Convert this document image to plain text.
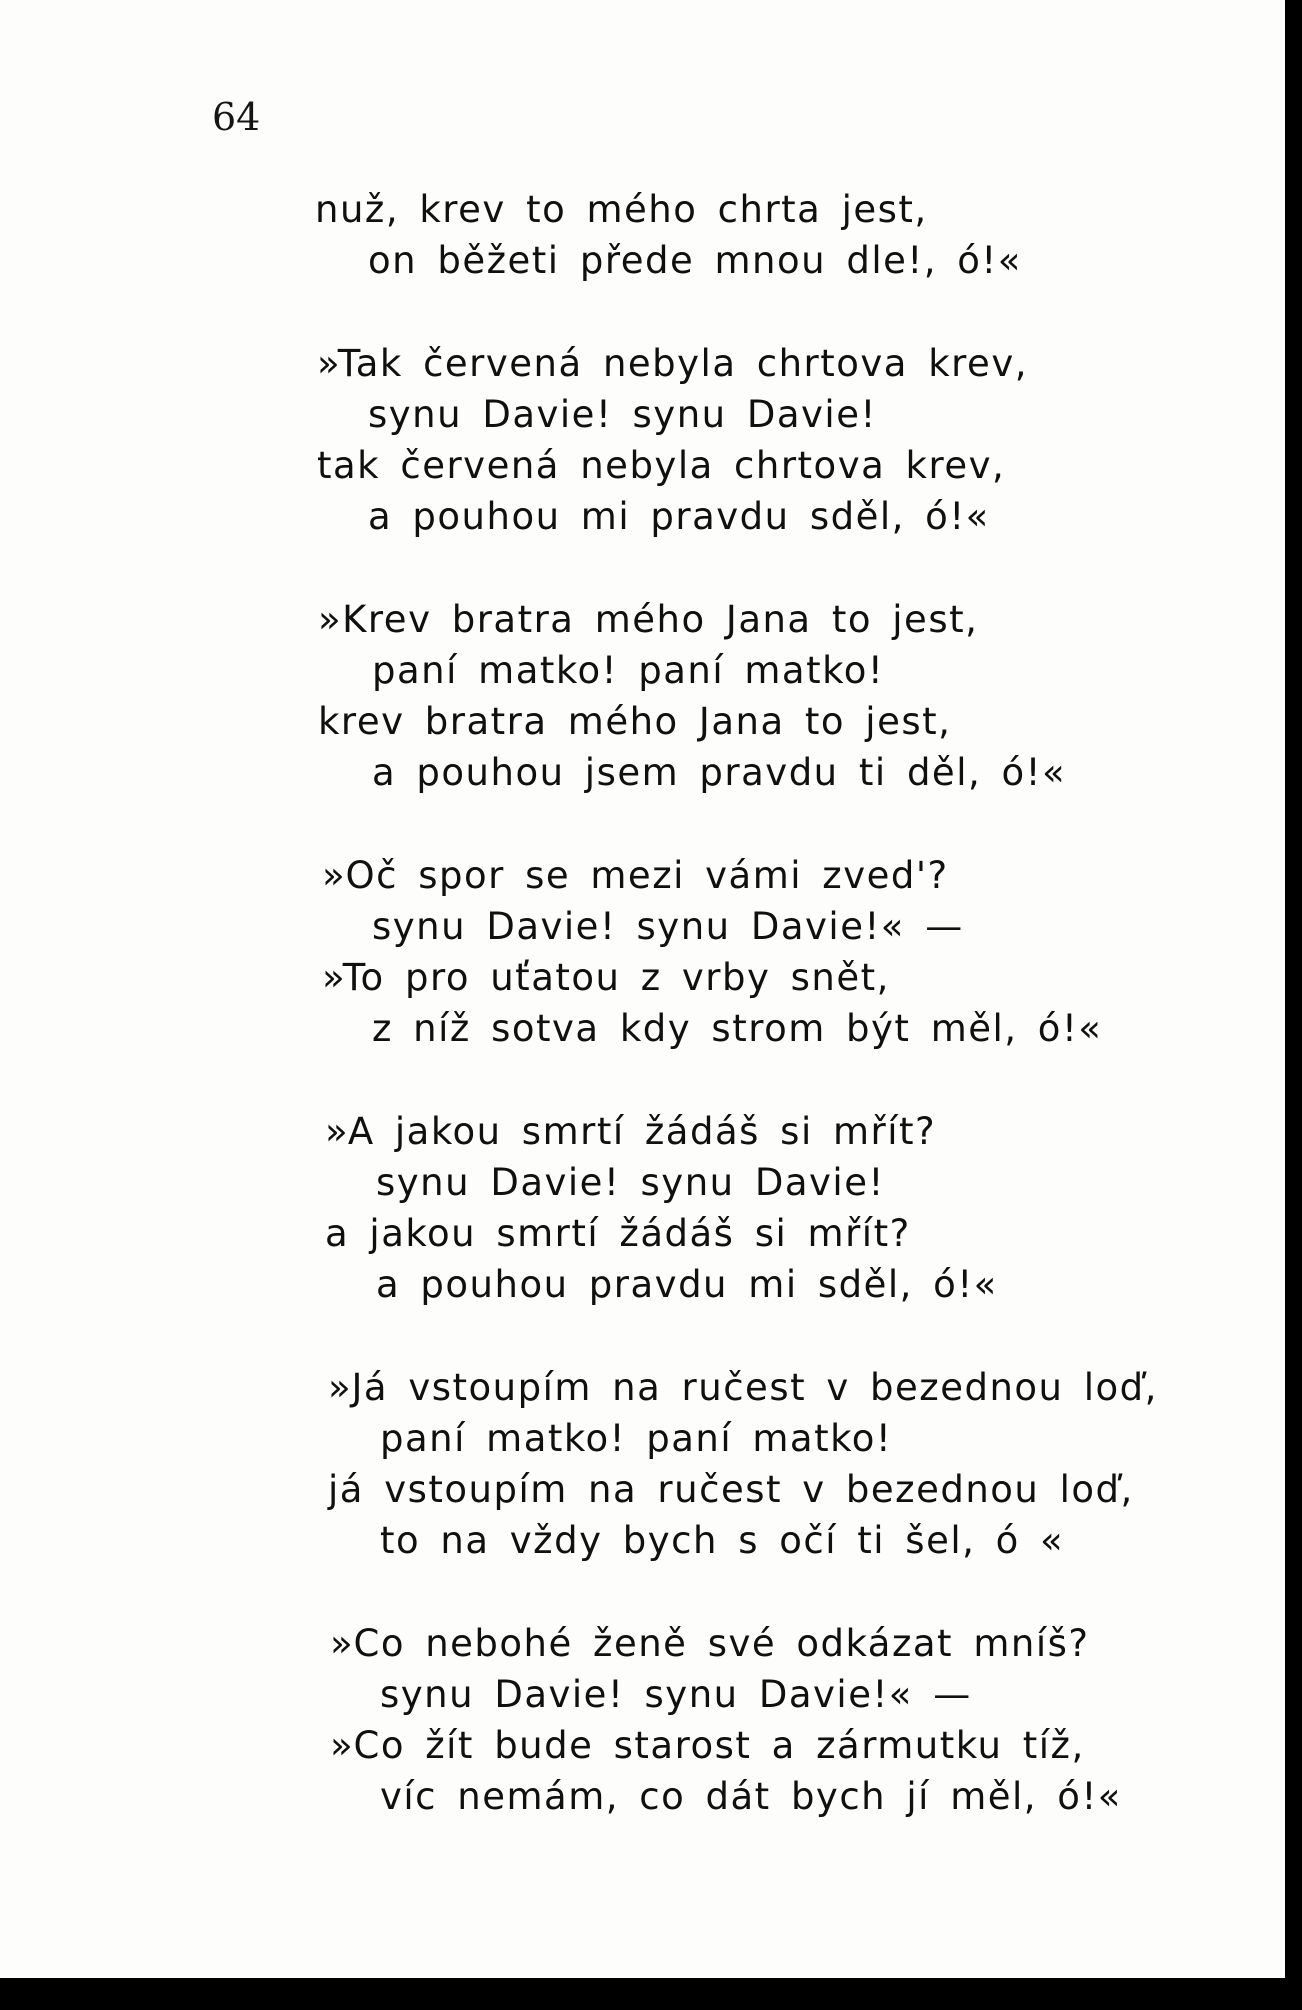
64
nuž, krev to mého chrta jest,
on běžeti přede mnou dle!, ó!«
»Tak červená nebyla chrtova krev,
synu Davie! synu Davie!
tak červená nebyla chrtova krev,
a pouhou mi pravdu sděl, ó!«
»Krev bratra mého Jana to jest,
paní matko! paní matko!
krev bratra mého Jana to jest,
a pouhou jsem pravdu ti děl, ó!«
»Oč spor se mezi vámi zved'?
synu Davie! synu Davie!« —
»To pro uťatou z vrby snět,
z níž sotva kdy strom být měl, ó!«
»A jakou smrtí žádáš si mřít?
synu Davie! synu Davie!
a jakou smrtí žádáš si mřít?
a pouhou pravdu mi sděl, ó!«
»Já vstoupím na ručest v bezednou loď,
paní matko! paní matko!
já vstoupím na ručest v bezednou loď,
to na vždy bych s očí ti šel, ó «
»Co nebohé ženě své odkázat mníš?
synu Davie! synu Davie!« —
»Co žít bude starost a zármutku tíž,
víc nemám, co dát bych jí měl, ó!«
